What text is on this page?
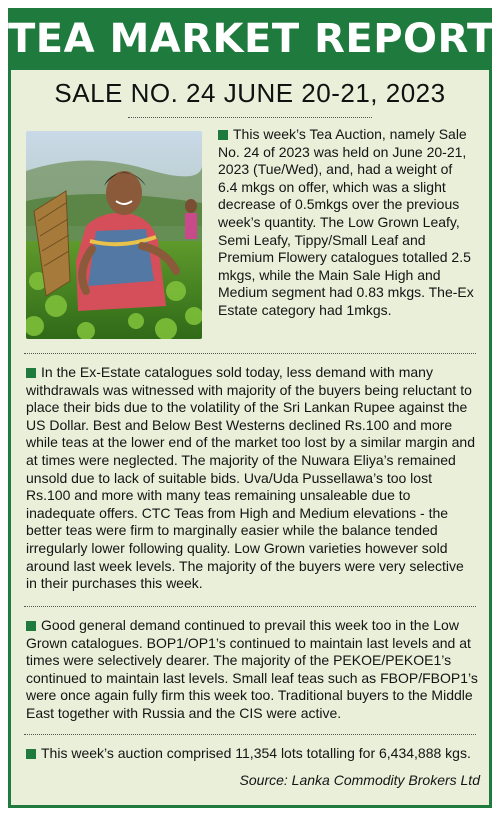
TEA MARKET REPORT
SALE NO. 24 JUNE 20-21, 2023
This week’s Tea Auction, namely Sale No. 24 of 2023 was held on June 20-21, 2023 (Tue/Wed), and, had a weight of 6.4 mkgs on offer, which was a slight decrease of 0.5mkgs over the previous week’s quantity. The Low Grown Leafy, Semi Leafy, Tippy/Small Leaf and Premium Flowery catalogues totalled 2.5 mkgs, while the Main Sale High and Medium segment had 0.83 mkgs. The-Ex Estate category had 1mkgs.
In the Ex-Estate catalogues sold today, less demand with many withdrawals was witnessed with majority of the buyers being reluctant to place their bids due to the volatility of the Sri Lankan Rupee against the US Dollar. Best and Below Best Westerns declined Rs.100 and more while teas at the lower end of the market too lost by a similar margin and at times were neglected. The majority of the Nuwara Eliya’s remained unsold due to lack of suitable bids. Uva/Uda Pussellawa’s too lost Rs.100 and more with many teas remaining unsaleable due to inadequate offers. CTC Teas from High and Medium elevations - the better teas were firm to marginally easier while the balance tended irregularly lower following quality. Low Grown varieties however sold around last week levels. The majority of the buyers were very selective in their purchases this week.
Good general demand continued to prevail this week too in the Low Grown catalogues. BOP1/OP1’s continued to maintain last levels and at times were selectively dearer. The majority of the PEKOE/PEKOE1’s continued to maintain last levels. Small leaf teas such as FBOP/FBOP1’s were once again fully firm this week too. Traditional buyers to the Middle East together with Russia and the CIS were active.
This week’s auction comprised 11,354 lots totalling for 6,434,888 kgs.
Source: Lanka Commodity Brokers Ltd
